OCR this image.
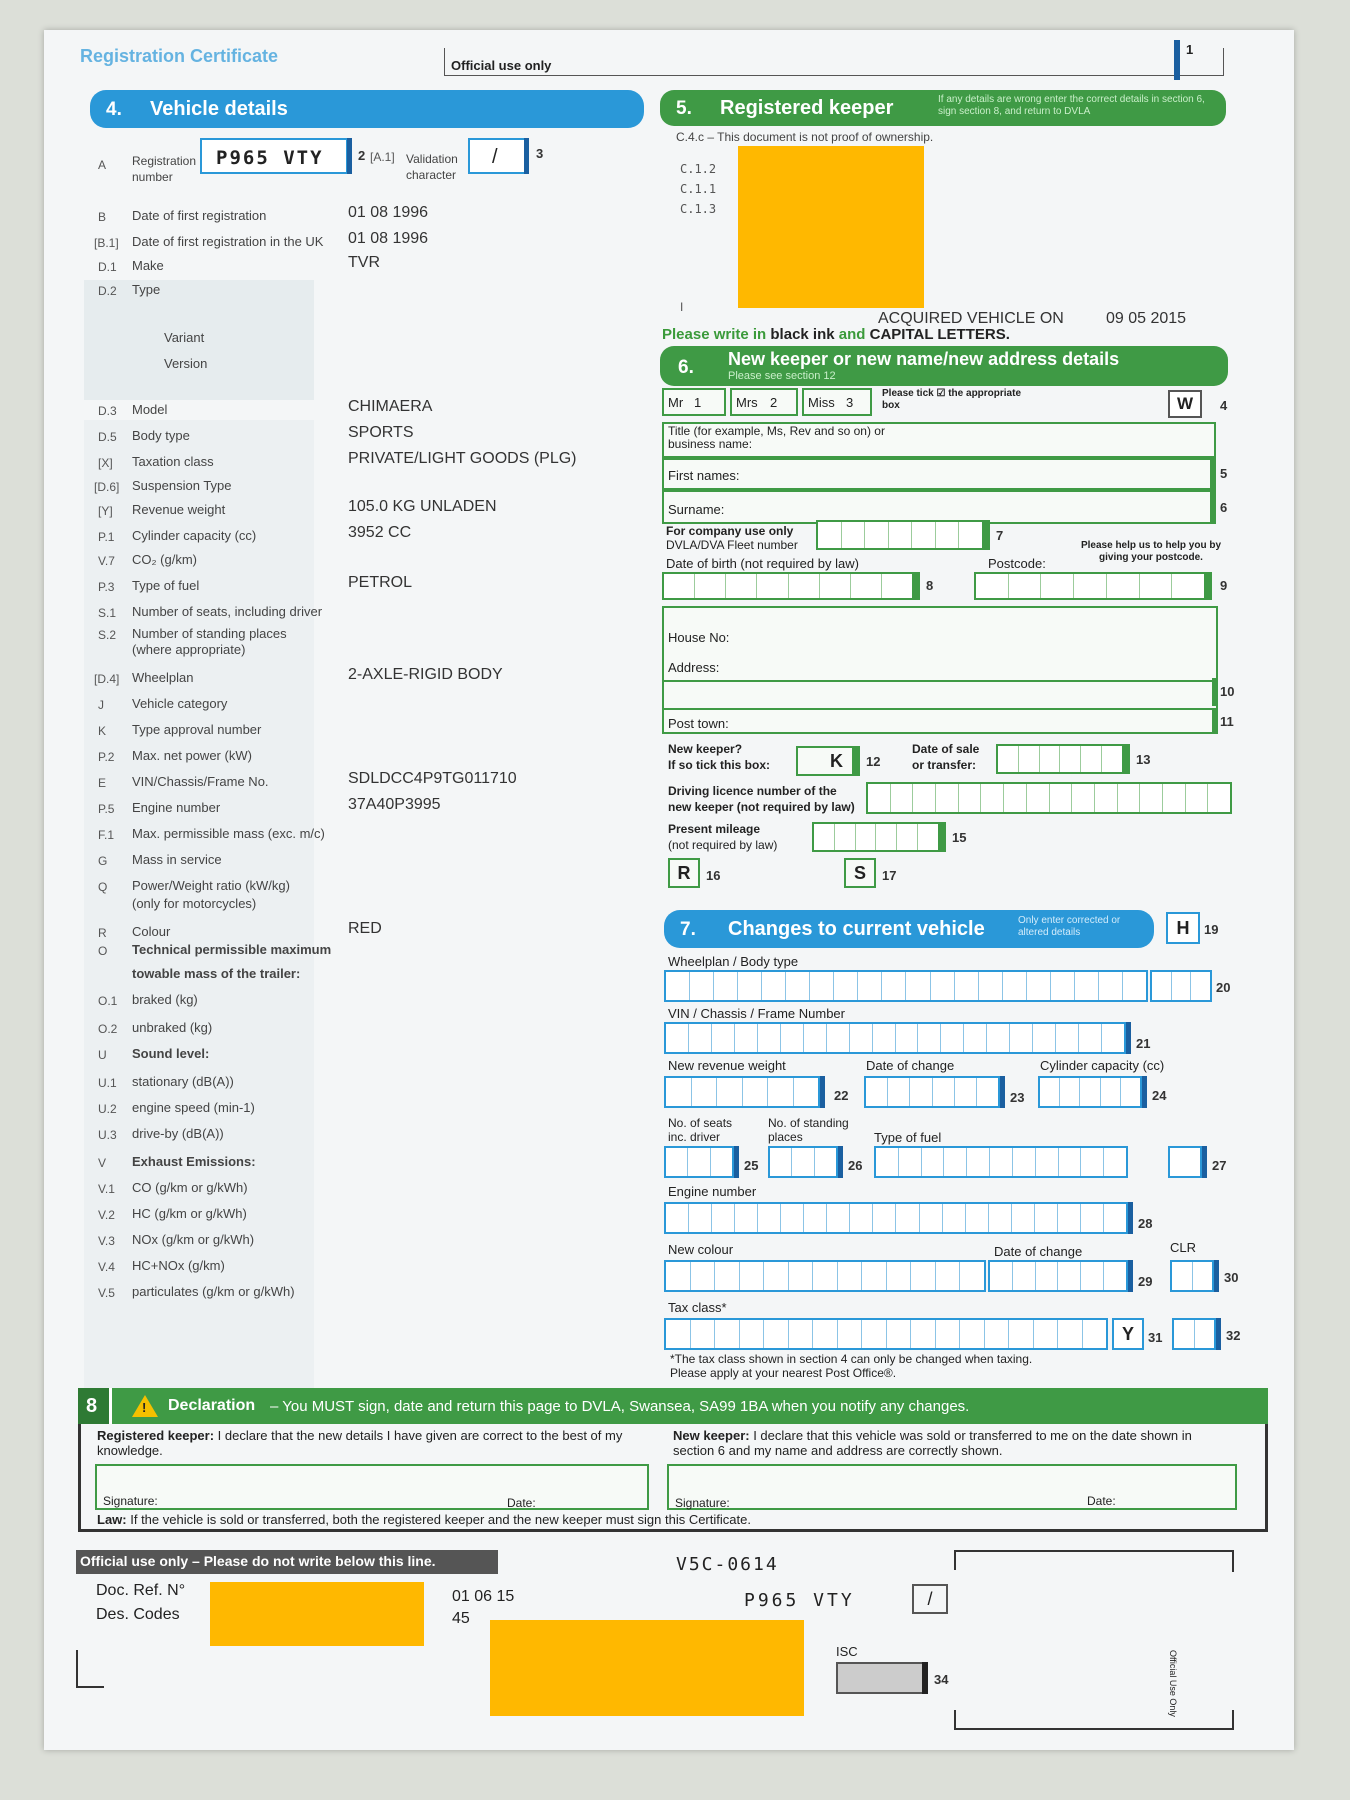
Registration Certificate	Official use only
1
4. Vehicle details
A Registration
number
P965 VTY	2 [A.1] Validation
character
/	3
B Date of first registration	01 08 1996
[B.1] Date of first registration in the UK 01 08 1996
D.1 Make	TVR
D.2 Type
Variant
Version
D.3 Model	CHIMAERA
D.5 Body type	SPORTS
[X] Taxation class	PRIVATE/LIGHT GOODS (PLG)
[D.6] Suspension Type
[Y] Revenue weight	105.0 KG UNLADEN
P.1 Cylinder capacity (cc)	3952 CC
V.7 CO₂ (g/km)
P.3 Type of fuel	PETROL
S.1 Number of seats, including driver
S.2 Number of standing places
(where appropriate)
[D.4] Wheelplan	2-AXLE-RIGID BODY
J Vehicle category
K Type approval number
P.2 Max. net power (kW)
E VIN/Chassis/Frame No.	SDLDCC4P9TG011710
P.5 Engine number	37A40P3995
F.1 Max. permissible mass (exc. m/c)
G Mass in service
Q Power/Weight ratio (kW/kg)
(only for motorcycles)
R Colour	RED
O Technical permissible maximum
towable mass of the trailer:
O.1 braked (kg)
O.2 unbraked (kg)
U Sound level:
U.1 stationary (dB(A))
U.2 engine speed (min-1)
U.3 drive-by (dB(A))
V Exhaust Emissions:
V.1 CO (g/km or g/kWh)
V.2 HC (g/km or g/kWh)
V.3 NOx (g/km or g/kWh)
V.4 HC+NOx (g/km)
V.5 particulates (g/km or g/kWh)
5. Registered keeper	If any details are wrong enter the correct details in section 6, sign section 8, and return to DVLA
C.4.c – This document is not proof of ownership.
C.1.2
C.1.1
C.1.3
I
ACQUIRED VEHICLE ON	09 05 2015
Please write in black ink and CAPITAL LETTERS.
6. New keeper or new name/new address details
Please see section 12
Mr 1	Mrs 2 Miss 3
Please tick ☑ the appropriate box	W	4
Title (for example, Ms, Rev and so on) or business name:
First names:	5
Surname:	6
For company use only
DVLA/DVA Fleet number
7
Date of birth (not required by law)	Postcode:
Please help us to help you by giving your postcode.
8	9
House No:
Address:
Post town:
10
11
New keeper?
If so tick this box:	K 12
Date of sale
or transfer:	13
Driving licence number of the
new keeper (not required by law)
Present mileage
(not required by law)	15
R	16	S	17
7. Changes to current vehicle	Only enter corrected or altered details	H	19
Wheelplan / Body type
20
VIN / Chassis / Frame Number
21
New revenue weight
22
Date of change
23
Cylinder capacity (cc)
24
No. of seats
inc. driver
25
No. of standing
places
26
Type of fuel
27
Engine number
28
New colour	Date of change	CLR
29	30
Tax class*
Y	31	32
*The tax class shown in section 4 can only be changed when taxing.
Please apply at your nearest Post Office®.
8	! Declaration – You MUST sign, date and return this page to DVLA, Swansea, SA99 1BA when you notify any changes.
Registered keeper: I declare that the new details I have given are correct to the best of my knowledge.
New keeper: I declare that this vehicle was sold or transferred to me on the date shown in section 6 and my name and address are correctly shown.
Signature:	Date:	Signature:	Date:
Law: If the vehicle is sold or transferred, both the registered keeper and the new keeper must sign this Certificate.
Official use only – Please do not write below this line.
Doc. Ref. N°
Des. Codes
01 06 15
45
V5C-0614
P965 VTY	/
ISC
34	Official Use Only
